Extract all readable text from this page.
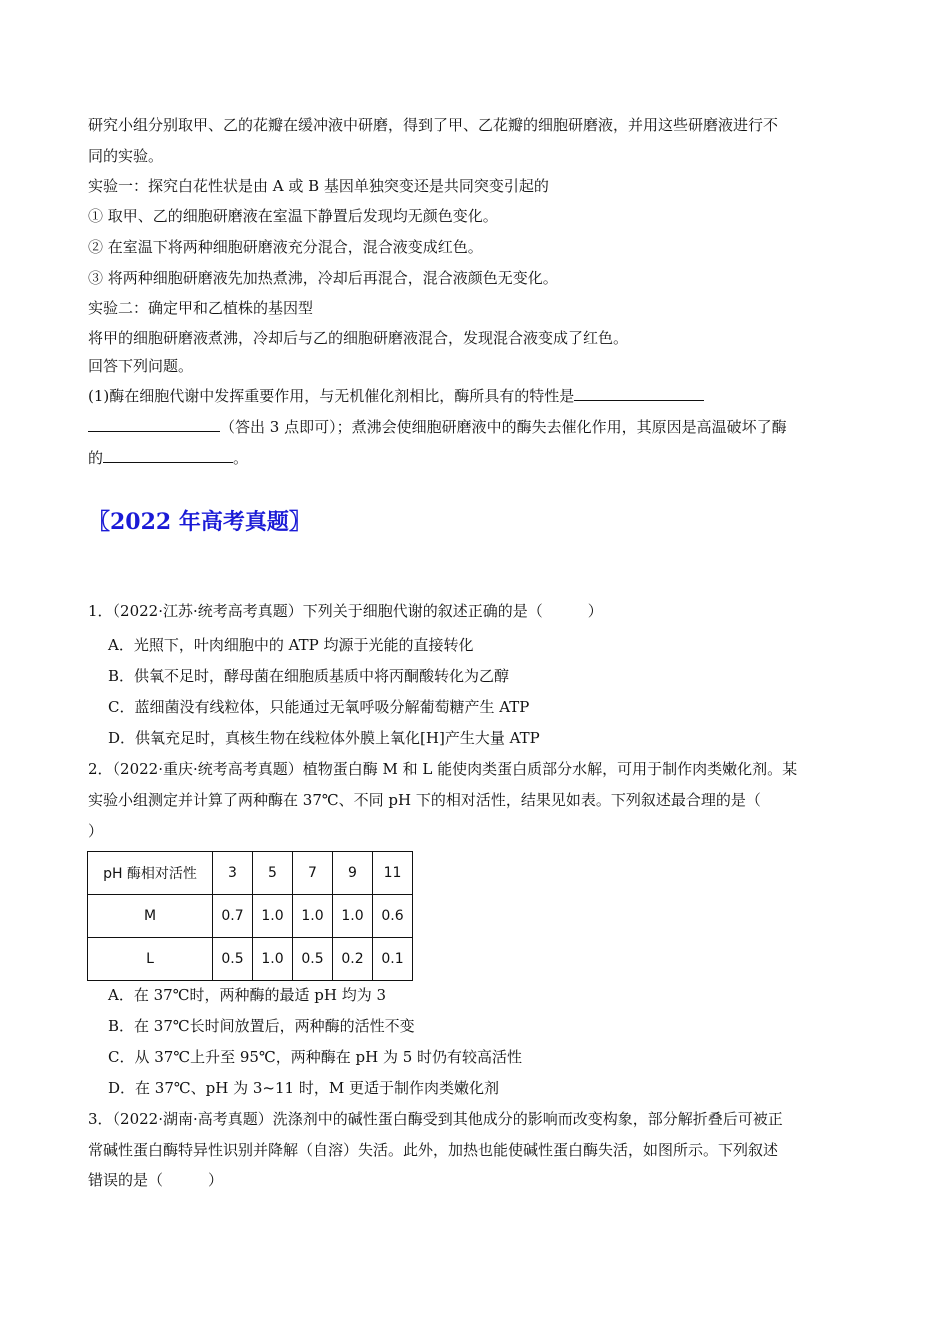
研究小组分别取甲、乙的花瓣在缓冲液中研磨，得到了甲、乙花瓣的细胞研磨液，并用这些研磨液进行不
同的实验。
实验一：探究白花性状是由 A 或 B 基因单独突变还是共同突变引起的
① 取甲、乙的细胞研磨液在室温下静置后发现均无颜色变化。
② 在室温下将两种细胞研磨液充分混合，混合液变成红色。
③ 将两种细胞研磨液先加热煮沸，冷却后再混合，混合液颜色无变化。
实验二：确定甲和乙植株的基因型
将甲的细胞研磨液煮沸，冷却后与乙的细胞研磨液混合，发现混合液变成了红色。
回答下列问题。
(1)酶在细胞代谢中发挥重要作用，与无机催化剂相比，酶所具有的特性是
（答出 3 点即可）；煮沸会使细胞研磨液中的酶失去催化作用，其原因是高温破坏了酶
的	。
〖2022 年高考真题〗
1．（2022·江苏·统考高考真题）下列关于细胞代谢的叙述正确的是（　　　）
A．光照下，叶肉细胞中的 ATP 均源于光能的直接转化
B．供氧不足时，酵母菌在细胞质基质中将丙酮酸转化为乙醇
C．蓝细菌没有线粒体，只能通过无氧呼吸分解葡萄糖产生 ATP
D．供氧充足时，真核生物在线粒体外膜上氧化[H]产生大量 ATP
2．（2022·重庆·统考高考真题）植物蛋白酶 M 和 L 能使肉类蛋白质部分水解，可用于制作肉类嫩化剂。某
实验小组测定并计算了两种酶在 37℃、不同 pH 下的相对活性，结果见如表。下列叙述最合理的是（
）
pH 酶相对活性	3	5	7	9	11
M	0.7	1.0	1.0	1.0	0.6
L	0.5	1.0	0.5	0.2	0.1
A．在 37℃时，两种酶的最适 pH 均为 3
B．在 37℃长时间放置后，两种酶的活性不变
C．从 37℃上升至 95℃，两种酶在 pH 为 5 时仍有较高活性
D．在 37℃、pH 为 3~11 时，M 更适于制作肉类嫩化剂
3．（2022·湖南·高考真题）洗涤剂中的碱性蛋白酶受到其他成分的影响而改变构象，部分解折叠后可被正
常碱性蛋白酶特异性识别并降解（自溶）失活。此外，加热也能使碱性蛋白酶失活，如图所示。下列叙述
错误的是（　　　）
